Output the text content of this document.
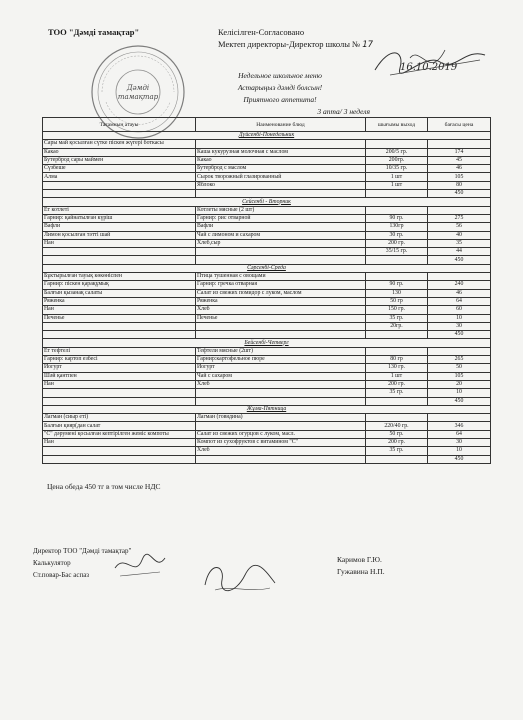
ТОО "Дәмді тамақтар"	Келісілген-Согласовано
Мектеп директоры-Директор школы № 17
Дәмді
тамақтар
16.10.2019
Недельное школьное меню
Астарыңыз дәмді болсын!
Приятного аппетита!
3 апта/ 3 неделя
Тағамның атауы	Наименование блюд	шығымы выход	бағасы цена
Дүйсенбі-Понедельник			
Сары май қосылған сүтке піскен жүгері боткасы			
Какао	Каша кукурузная молочная с маслом	200/5 гр.	174
Бутерброд сары маймен	Какао	200гр.	45
Сүзбеше	Бутерброд с маслом	10/35 гр.	46
Алма	Сырок творожный глазированный	1 шт	105
	Яблоко	1 шт	80
			450
Сейсенбі - Вторник			
Ет котлеті	Котлеты мясные (2 шт)		
Гарнир: қайнатылған күріш	Гарнир: рис отварной	90 гр.	275
Вафли	Вафли	130гр	56
Лимон қосылған тәтті шай	Чай с лимоном и сахаром	30 гр.	40
Нан	Хлеб,сыр	200 гр.	35
		35/15 гр.	44
			450
Сәрсенбі-Среда			
Бұктырылған тауық көкөніспен	Птица тушенная с овощами		
Гарнир: піскен қарақұмық	Гарнир: гречка отварная	90 гр.	240
Балғын қызанақ салаты	Салат из свежих помидор с луком, маслом	130	46
Ряженка	Ряженка	50 гр	64
Нан	Хлеб	150 гр.	60
Печенье	Печенье	35 гр.	10
		20гр.	30
			450
Бейсенбі-Четверг			
Ет тефтелі	Тефтели мясные (2шт)		
Гарнир: картоп езбесі	Гарнир:картофельное пюре	80 гр	265
Йогурт	Йогурт	130 гр.	50
Шәй қантпен	Чай с сахаром	1 шт	105
Нан	Хлеб	200 гр.	20
		35 гр.	10
			450
Жұма-Пятница			
Лагман (сиыр еті)	Лагман (говядина)		
Балғын қияр(дан салат		220/40 гр.	346
"С" дәрумені қосылған кептірілген жеміс компоты	Салат из свежих огурцов с луком, масл.	50 гр.	64
Нан	Компот из сухофруктов с витамином "С"	200 гр.	30
	Хлеб	35 гр.	10
			450
Цена обеда 450 тг в том числе НДС
Директор ТОО "Дәмді тамақтар"
Калькулятор
Ст.повар-Бас аспаз
Каримов Г.Ю.
Гужавина Н.П.
